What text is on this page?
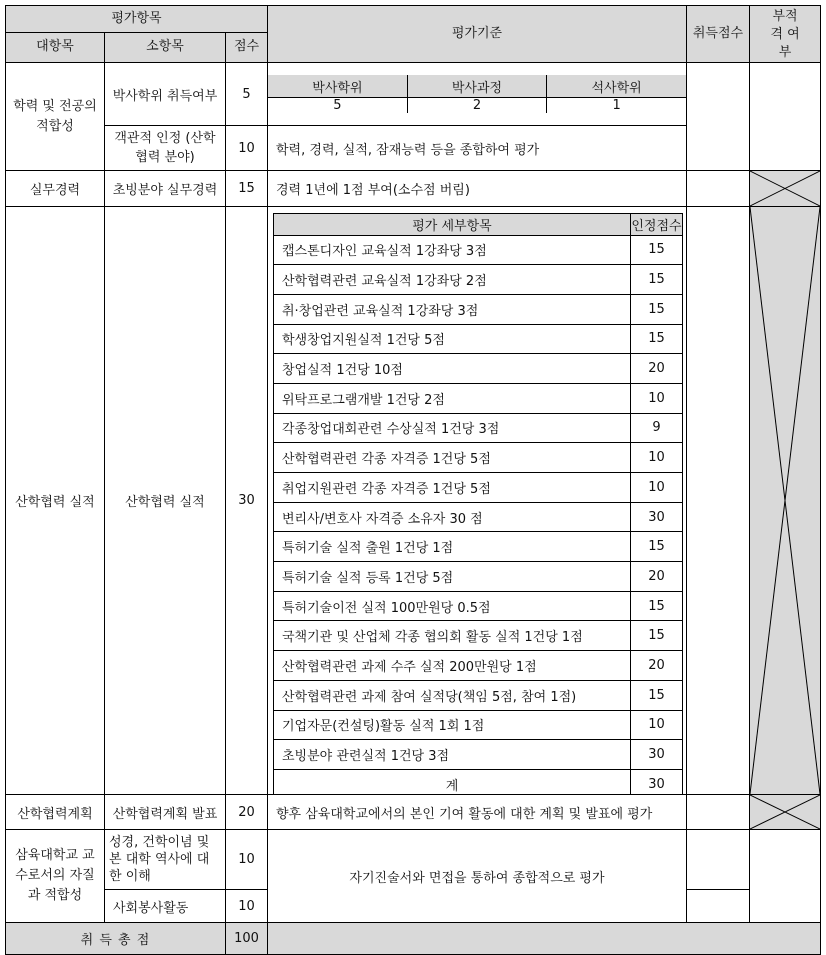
평가항목	평가기준	취득점수	부적격 여부
대항목	소항목	점수
학력 및 전공의 적합성	박사학위 취득여부	5		박사학위	박사과정	석사학위
5	2	1

객관적 인정 (산학협력 분야)	10	학력, 경력, 실적, 잠재능력 등을 종합하여 평가
실무경력	초빙분야 실무경력	15	경력 1년에 1점 부여(소수점 버림)		

산학협력 실적	산학협력 실적	30	
평가 세부항목	인정점수
캡스톤디자인 교육실적 1강좌당 3점	15
산학협력관련 교육실적 1강좌당 2점	15
취·창업관련 교육실적 1강좌당 3점	15
학생창업지원실적 1건당 5점	15
창업실적 1건당 10점	20
위탁프로그램개발 1건당 2점	10
각종창업대회관련 수상실적 1건당 3점	9
산학협력관련 각종 자격증 1건당 5점	10
취업지원관련 각종 자격증 1건당 5점	10
변리사/변호사 자격증 소유자 30 점	30
특허기술 실적 출원 1건당 1점	15
특허기술 실적 등록 1건당 5점	20
특허기술이전 실적 100만원당 0.5점	15
국책기관 및 산업체 각종 협의회 활동 실적 1건당 1점	15
산학협력관련 과제 수주 실적 200만원당 1점	20
산학협력관련 과제 참여 실적당(책임 5점, 참여 1점)	15
기업자문(컨설팅)활동 실적 1회 1점	10
초빙분야 관련실적 1건당 3점	30
계	30

산학협력계획	산학협력계획 발표	20	향후 삼육대학교에서의 본인 기여 활동에 대한 계획 및 발표에 평가		

삼육대학교 교수로서의 자질과 적합성	성경, 건학이념 및 본 대학 역사에 대한 이해	10	자기진술서와 면접을 통하여 종합적으로 평가		
사회봉사활동	10	
취 득 총 점	100	
